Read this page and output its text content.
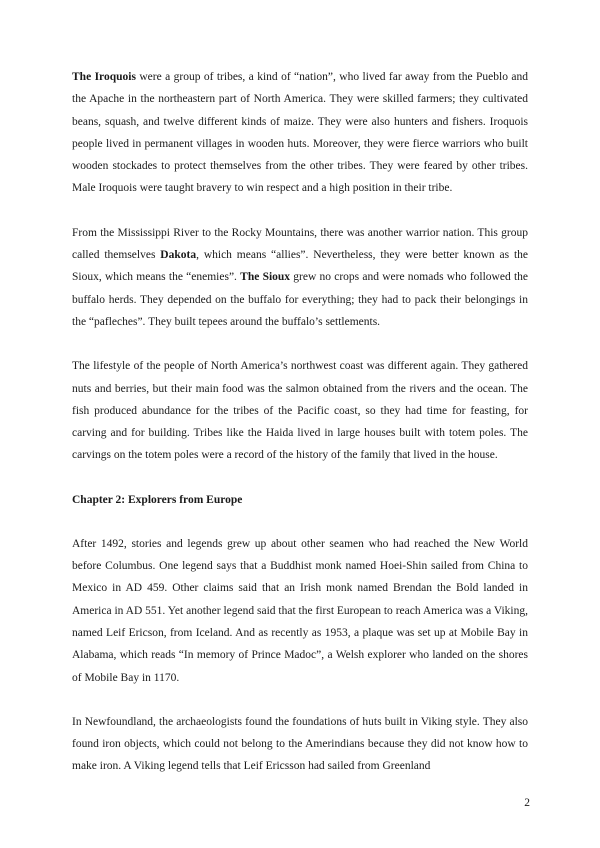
The Iroquois were a group of tribes, a kind of “nation”, who lived far away from the Pueblo and the Apache in the northeastern part of North America. They were skilled farmers; they cultivated beans, squash, and twelve different kinds of maize. They were also hunters and fishers. Iroquois people lived in permanent villages in wooden huts. Moreover, they were fierce warriors who built wooden stockades to protect themselves from the other tribes. They were feared by other tribes. Male Iroquois were taught bravery to win respect and a high position in their tribe.

From the Mississippi River to the Rocky Mountains, there was another warrior nation. This group called themselves Dakota, which means “allies”. Nevertheless, they were better known as the Sioux, which means the “enemies”. The Sioux grew no crops and were nomads who followed the buffalo herds. They depended on the buffalo for everything; they had to pack their belongings in the “pafleches”. They built tepees around the buffalo’s settlements.

The lifestyle of the people of North America’s northwest coast was different again. They gathered nuts and berries, but their main food was the salmon obtained from the rivers and the ocean. The fish produced abundance for the tribes of the Pacific coast, so they had time for feasting, for carving and for building. Tribes like the Haida lived in large houses built with totem poles. The carvings on the totem poles were a record of the history of the family that lived in the house.

Chapter 2: Explorers from Europe

After 1492, stories and legends grew up about other seamen who had reached the New World before Columbus. One legend says that a Buddhist monk named Hoei-Shin sailed from China to Mexico in AD 459. Other claims said that an Irish monk named Brendan the Bold landed in America in AD 551. Yet another legend said that the first European to reach America was a Viking, named Leif Ericson, from Iceland. And as recently as 1953, a plaque was set up at Mobile Bay in Alabama, which reads “In memory of Prince Madoc”, a Welsh explorer who landed on the shores of Mobile Bay in 1170.

In Newfoundland, the archaeologists found the foundations of huts built in Viking style. They also found iron objects, which could not belong to the Amerindians because they did not know how to make iron. A Viking legend tells that Leif Ericsson had sailed from Greenland

2
